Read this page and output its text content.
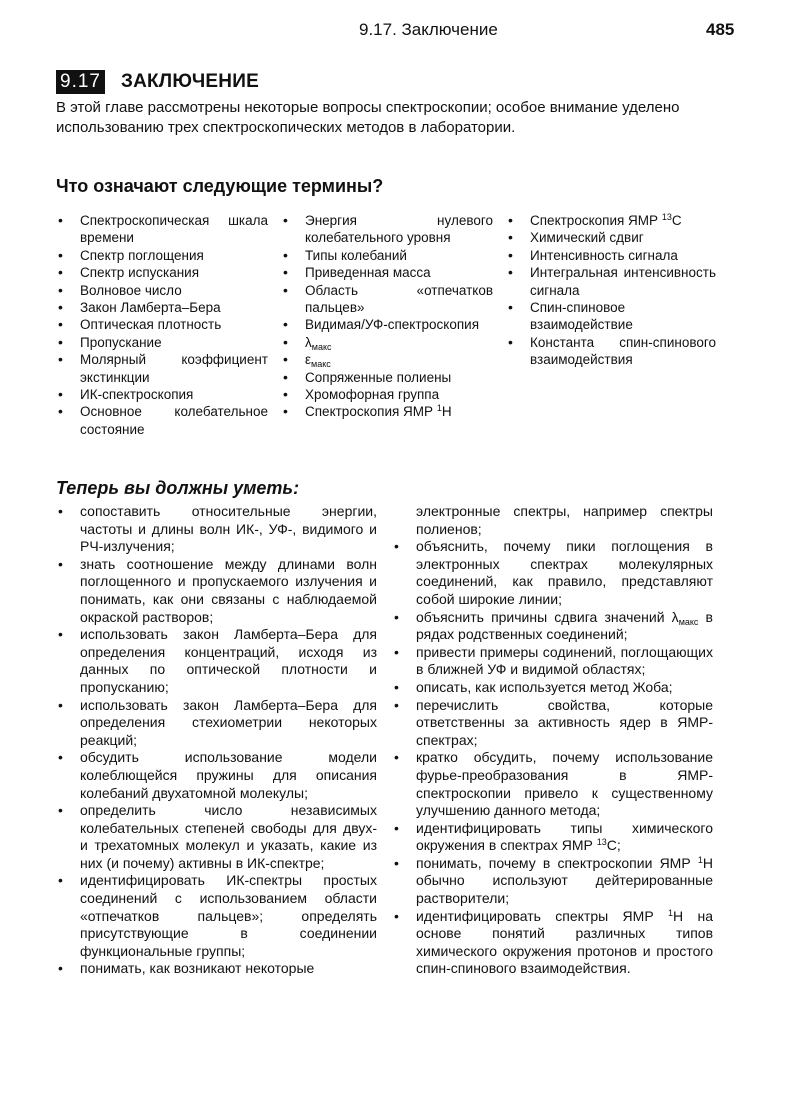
9.17. Заключение	485
9.17 ЗАКЛЮЧЕНИЕ

В этой главе рассмотрены некоторые вопросы спектроскопии; особое внимание уделено использованию трех спектроскопических методов в лаборатории.

Что означают следующие термины?
• Спектроскопическая шкала времени
• Спектр поглощения
• Спектр испускания
• Волновое число
• Закон Ламберта–Бера
• Оптическая плотность
• Пропускание
• Молярный коэффициент экстинкции
• ИК-спектроскопия
• Основное колебательное состояние
• Энергия нулевого колебательного уровня
• Типы колебаний
• Приведенная масса
• Область «отпечатков пальцев»
• Видимая/УФ-спектроскопия
• $\lambda_{макс}$
• $\varepsilon_{макс}$
• Сопряженные полиены
• Хромофорная группа
• Спектроскопия ЯМР $^1$H
• Спектроскопия ЯМР $^{13}$C
• Химический сдвиг
• Интенсивность сигнала
• Интегральная интенсивность сигнала
• Спин-спиновое взаимодействие
• Константа спин-спинового взаимодействия
Теперь вы должны уметь:
• сопоставить относительные энергии, частоты и длины волн ИК-, УФ-, видимого и РЧ-излучения;
• знать соотношение между длинами волн поглощенного и пропускаемого излучения и понимать, как они связаны с наблюдаемой окраской растворов;
• использовать закон Ламберта–Бера для определения концентраций, исходя из данных по оптической плотности и пропусканию;
• использовать закон Ламберта–Бера для определения стехиометрии некоторых реакций;
• обсудить использование модели колеблющейся пружины для описания колебаний двухатомной молекулы;
• определить число независимых колебательных степеней свободы для двух- и трехатомных молекул и указать, какие из них (и почему) активны в ИК-спектре;
• идентифицировать ИК-спектры простых соединений с использованием области «отпечатков пальцев»; определять присутствующие в соединении функциональные группы;
• понимать, как возникают некоторые
электронные спектры, например спектры полиенов;
• объяснить, почему пики поглощения в электронных спектрах молекулярных соединений, как правило, представляют собой широкие линии;
• объяснить причины сдвига значений $\lambda_{макс}$ в рядах родственных соединений;
• привести примеры содинений, поглощающих в ближней УФ и видимой областях;
• описать, как используется метод Жоба;
• перечислить свойства, которые ответственны за активность ядер в ЯМР-спектрах;
• кратко обсудить, почему использование фурье-преобразования в ЯМР-спектроскопии привело к существенному улучшению данного метода;
• идентифицировать типы химического окружения в спектрах ЯМР $^{13}$C;
• понимать, почему в спектроскопии ЯМР $^1$H обычно используют дейтерированные растворители;
• идентифицировать спектры ЯМР $^1$H на основе понятий различных типов химического окружения протонов и простого спин-спинового взаимодействия.
